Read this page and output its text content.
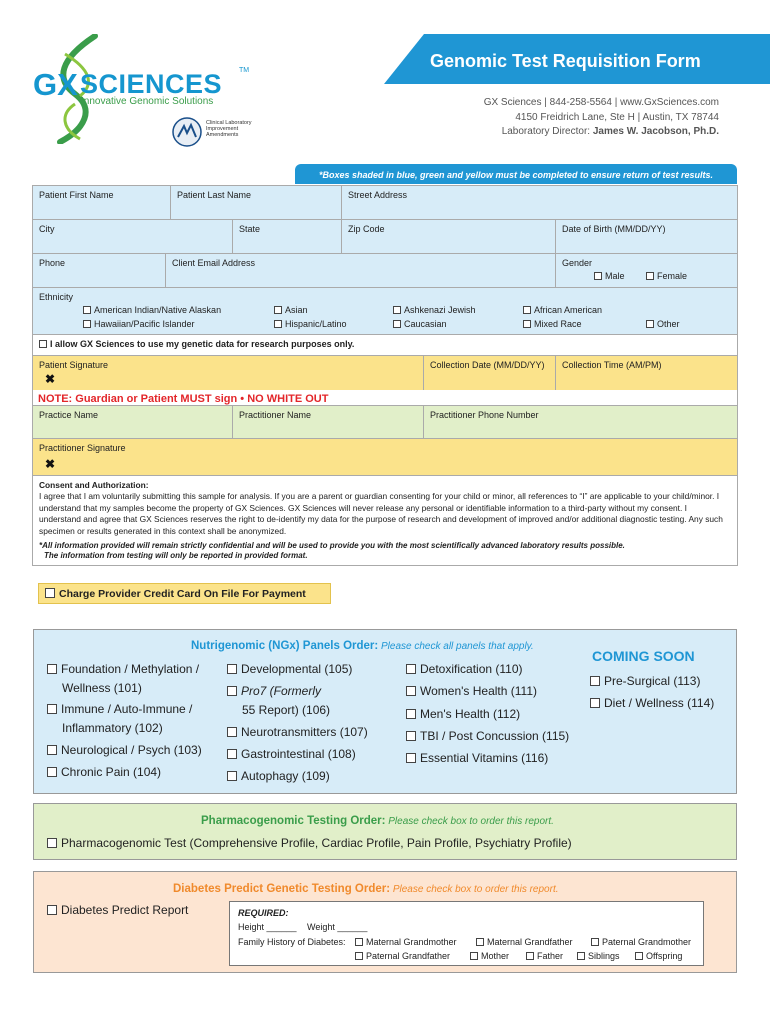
GX SCIENCES TM
Innovative Genomic Solutions
Clinical Laboratory Improvement Amendments
Genomic Test Requisition Form
GX Sciences | 844-258-5564 | www.GxSciences.com
4150 Freidrich Lane, Ste H | Austin, TX 78744
Laboratory Director: James W. Jacobson, Ph.D.
*Boxes shaded in blue, green and yellow must be completed to ensure return of test results.
Patient First Name	Patient Last Name	Street Address
City	State	Zip Code	Date of Birth (MM/DD/YY)
Phone	Client Email Address	Gender
Male	Female
Ethnicity
American Indian/Native Alaskan	Asian	Ashkenazi Jewish	African American
Hawaiian/Pacific Islander	Hispanic/Latino	Caucasian	Mixed Race	Other
I allow GX Sciences to use my genetic data for research purposes only.
Patient Signature
✖
Collection Date (MM/DD/YY)	Collection Time (AM/PM)
Practice Name	Practitioner Name	Practitioner Phone Number
Practitioner Signature
✖
Consent and Authorization:
I agree that I am voluntarily submitting this sample for analysis. If you are a parent or guardian consenting for your child or minor, all references to “I” are applicable to your child/minor. I understand that my samples become the property of GX Sciences. GX Sciences will never release any personal or identifiable information to a third-party without my consent. I understand and agree that GX Sciences reserves the right to de-identify my data for the purpose of research and development of improved and/or additional diagnostic testing. Any such specimen or results generated in this context shall be anonymized.
*All information provided will remain strictly confidential and will be used to provide you with the most scientifically advanced laboratory results possible.
The information from testing will only be reported in provided format.
NOTE: Guardian or Patient MUST sign • NO WHITE OUT
Charge Provider Credit Card On File For Payment
Nutrigenomic (NGx) Panels Order: Please check all panels that apply.
Foundation / Methylation /
Wellness (101)
Immune / Auto-Immune /
Inflammatory (102)
Neurological / Psych (103)
Chronic Pain (104)
Developmental (105)
Pro7 (Formerly
55 Report) (106)
Neurotransmitters (107)
Gastrointestinal (108)
Autophagy (109)
Detoxification (110)
Women's Health (111)
Men's Health (112)
TBI / Post Concussion (115)
Essential Vitamins (116)
COMING SOON
Pre-Surgical (113)
Diet / Wellness (114)
Pharmacogenomic Testing Order: Please check box to order this report.
Pharmacogenomic Test (Comprehensive Profile, Cardiac Profile, Pain Profile, Psychiatry Profile)
Diabetes Predict Genetic Testing Order: Please check box to order this report.
Diabetes Predict Report	REQUIRED:
Height ______ Weight ______
Family History of Diabetes:	Maternal Grandmother	Maternal Grandfather	Paternal Grandmother
Paternal Grandfather	Mother	Father	Siblings	Offspring
